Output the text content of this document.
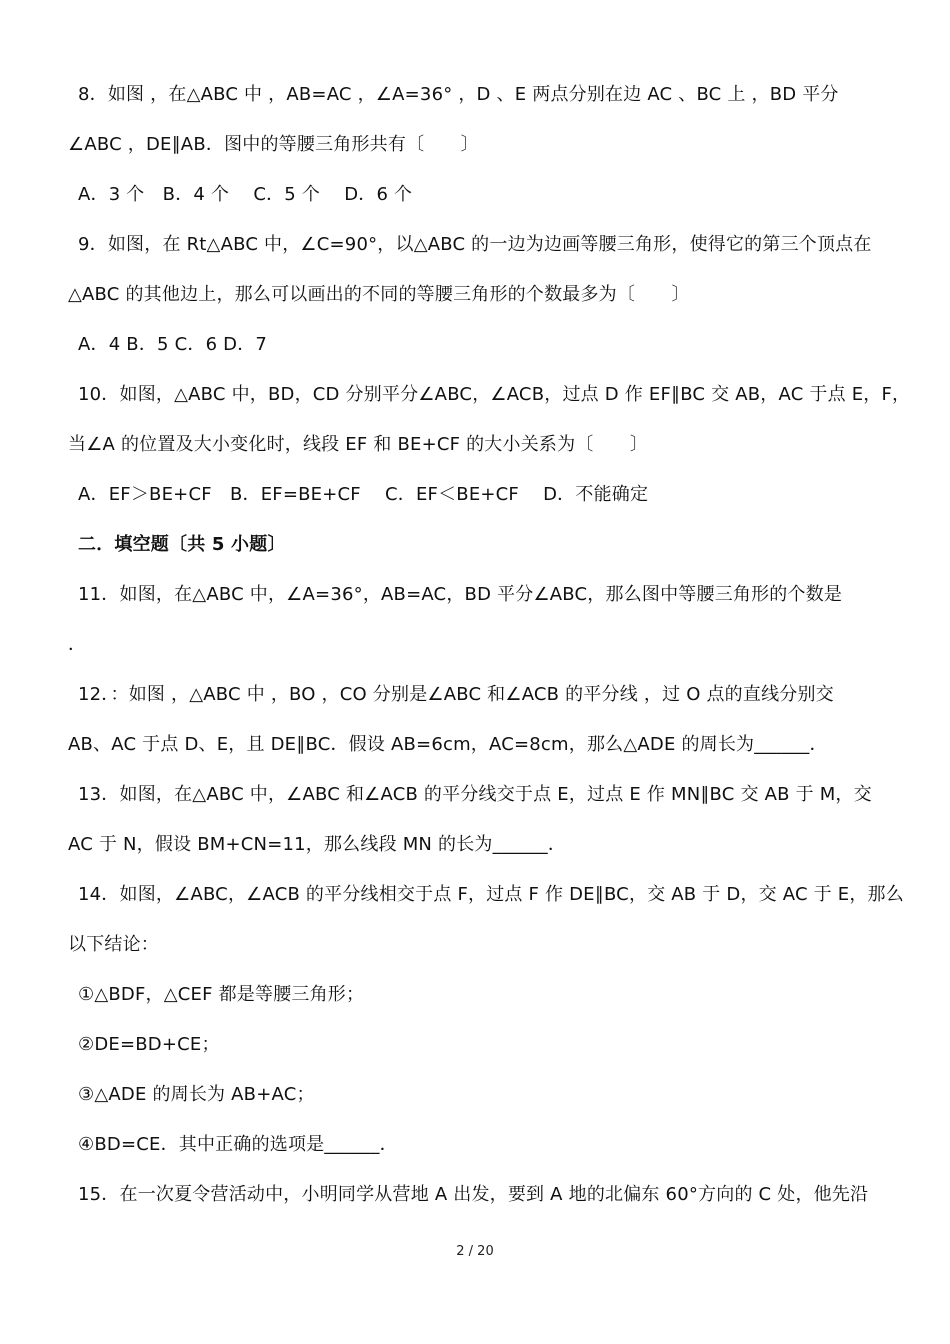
8．如图 ，在△ABC 中 ，AB=AC ，∠A=36° ，D 、E 两点分别在边 AC 、BC 上 ，BD 平分
∠ABC ，DE∥AB．图中的等腰三角形共有〔　　〕
A．3 个　B．4 个　 C．5 个　 D．6 个
9．如图，在 Rt△ABC 中，∠C=90°，以△ABC 的一边为边画等腰三角形，使得它的第三个顶点在
△ABC 的其他边上，那么可以画出的不同的等腰三角形的个数最多为〔　　〕
A．4 B．5 C．6 D．7
10．如图，△ABC 中，BD，CD 分别平分∠ABC，∠ACB，过点 D 作 EF∥BC 交 AB，AC 于点 E，F，
当∠A 的位置及大小变化时，线段 EF 和 BE+CF 的大小关系为〔　　〕
A．EF＞BE+CF　B．EF=BE+CF　 C．EF＜BE+CF　 D．不能确定
二．填空题〔共 5 小题〕
11．如图，在△ABC 中，∠A=36°，AB=AC，BD 平分∠ABC，那么图中等腰三角形的个数是
．
12．：如图 ，△ABC 中 ，BO ，CO 分别是∠ABC 和∠ACB 的平分线 ，过 O 点的直线分别交
AB、AC 于点 D、E，且 DE∥BC．假设 AB=6cm，AC=8cm，那么△ADE 的周长为______．
13．如图，在△ABC 中，∠ABC 和∠ACB 的平分线交于点 E，过点 E 作 MN∥BC 交 AB 于 M，交
AC 于 N，假设 BM+CN=11，那么线段 MN 的长为______．
14．如图，∠ABC，∠ACB 的平分线相交于点 F，过点 F 作 DE∥BC，交 AB 于 D，交 AC 于 E，那么
以下结论：
①△BDF，△CEF 都是等腰三角形；
②DE=BD+CE；
③△ADE 的周长为 AB+AC；
④BD=CE．其中正确的选项是______．
15．在一次夏令营活动中，小明同学从营地 A 出发，要到 A 地的北偏东 60°方向的 C 处，他先沿
2 / 20
